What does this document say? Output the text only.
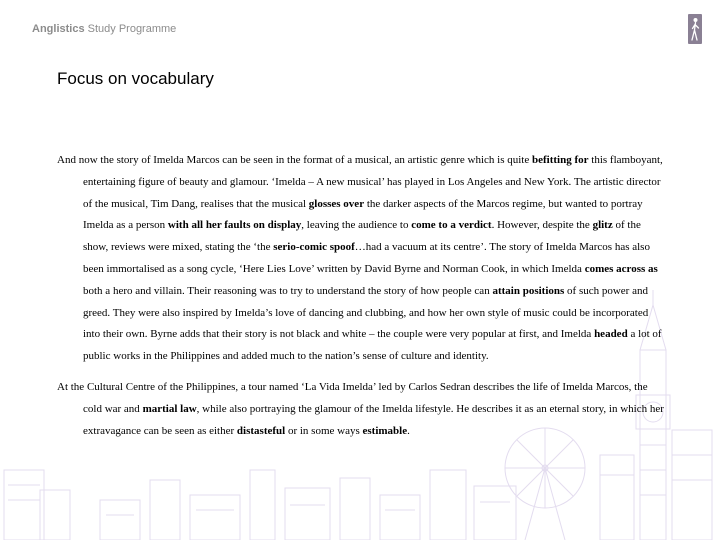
Anglistics Study Programme
Focus on vocabulary

And now the story of Imelda Marcos can be seen in the format of a musical, an artistic genre which is quite befitting for this flamboyant, entertaining figure of beauty and glamour. ‘Imelda – A new musical’ has played in Los Angeles and New York. The artistic director of the musical, Tim Dang, realises that the musical glosses over the darker aspects of the Marcos regime, but wanted to portray Imelda as a person with all her faults on display, leaving the audience to come to a verdict. However, despite the glitz of the show, reviews were mixed, stating the ‘the serio-comic spoof…had a vacuum at its centre’. The story of Imelda Marcos has also been immortalised as a song cycle, ‘Here Lies Love’ written by David Byrne and Norman Cook, in which Imelda comes across as both a hero and villain. Their reasoning was to try to understand the story of how people can attain positions of such power and greed. They were also inspired by Imelda’s love of dancing and clubbing, and how her own style of music could be incorporated into their own. Byrne adds that their story is not black and white – the couple were very popular at first, and Imelda headed a lot of public works in the Philippines and added much to the nation’s sense of culture and identity.

At the Cultural Centre of the Philippines, a tour named ‘La Vida Imelda’ led by Carlos Sedran describes the life of Imelda Marcos, the cold war and martial law, while also portraying the glamour of the Imelda lifestyle. He describes it as an eternal story, in which her extravagance can be seen as either distasteful or in some ways estimable.
